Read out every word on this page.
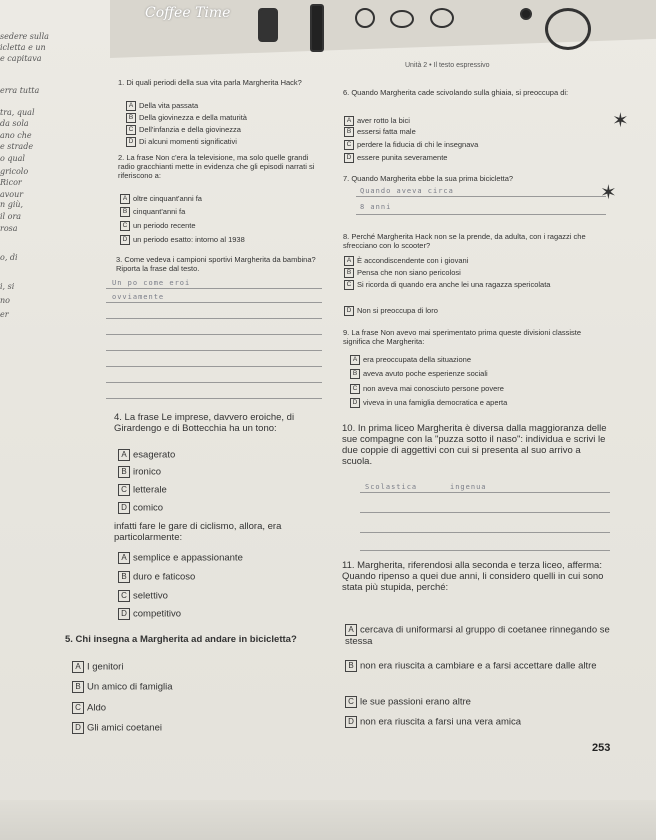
Coffee Time
sedere sulla
icletta e un
e capitava
erra tutta
tra, qual
da sola
ano che
e strade
o qual
gricolo
Ricor
avour
n giù,
il ora
rosa
o, di
i, si
no
er
Unità 2 • Il testo espressivo
1. Di quali periodi della sua vita parla Margherita Hack?
A Della vita passata
B Della giovinezza e della maturità
C Dell'infanzia e della giovinezza
D Di alcuni momenti significativi
2. La frase Non c'era la televisione, ma solo quelle grandi radio gracchianti mette in evidenza che gli episodi narrati si riferiscono a:
A oltre cinquant'anni fa
B cinquant'anni fa
C un periodo recente
D un periodo esatto: intorno al 1938
3. Come vedeva i campioni sportivi Margherita da bambina? Riporta la frase dal testo.
Un po come eroi
ovviamente
4. La frase Le imprese, davvero eroiche, di Girardengo e di Bottecchia ha un tono:
A esagerato
B ironico
C letterale
D comico
infatti fare le gare di ciclismo, allora, era particolarmente:
A semplice e appassionante
B duro e faticoso
C selettivo
D competitivo
5. Chi insegna a Margherita ad andare in bicicletta?
A I genitori
B Un amico di famiglia
C Aldo
D Gli amici coetanei
6. Quando Margherita cade scivolando sulla ghiaia, si preoccupa di:
A aver rotto la bici
B essersi fatta male
C perdere la fiducia di chi le insegnava
D essere punita severamente
7. Quando Margherita ebbe la sua prima bicicletta?
Quando aveva circa
8 anni
8. Perché Margherita Hack non se la prende, da adulta, con i ragazzi che sfrecciano con lo scooter?
A È accondiscendente con i giovani
B Pensa che non siano pericolosi
C Si ricorda di quando era anche lei una ragazza spericolata
D Non si preoccupa di loro
9. La frase Non avevo mai sperimentato prima queste divisioni classiste significa che Margherita:
A era preoccupata della situazione
B aveva avuto poche esperienze sociali
C non aveva mai conosciuto persone povere
D viveva in una famiglia democratica e aperta
10. In prima liceo Margherita è diversa dalla maggioranza delle sue compagne con la "puzza sotto il naso": individua e scrivi le due coppie di aggettivi con cui si presenta al suo arrivo a scuola.
Scolastica	ingenua
11. Margherita, riferendosi alla seconda e terza liceo, afferma: Quando ripenso a quei due anni, li considero quelli in cui sono stata più stupida, perché:
A cercava di uniformarsi al gruppo di coetanee rinnegando se stessa
B non era riuscita a cambiare e a farsi accettare dalle altre
C le sue passioni erano altre
D non era riuscita a farsi una vera amica
✶
✶
253
